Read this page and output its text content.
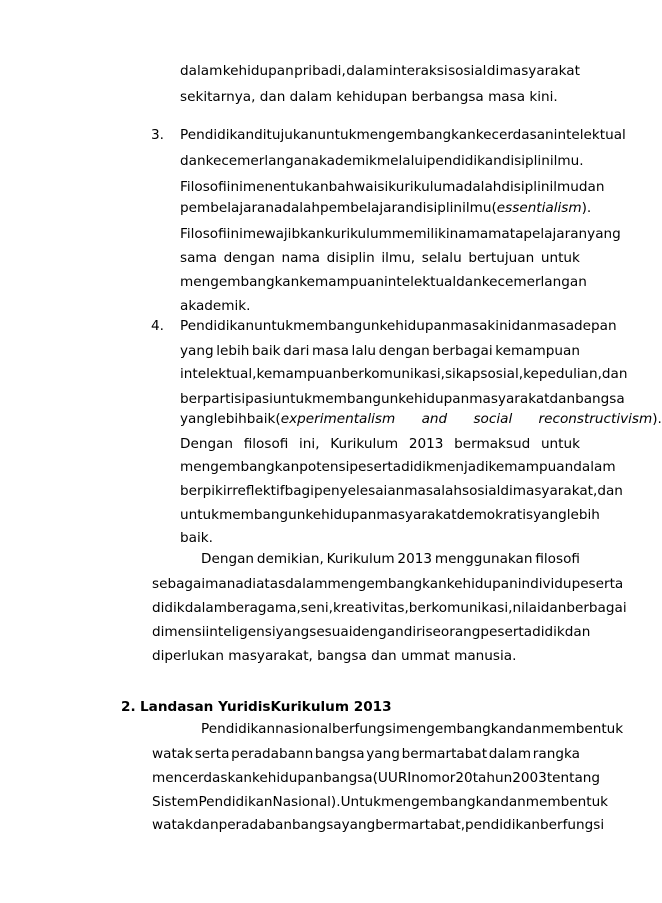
dalam kehidupan pribadi, dalam interaksi sosial di masyarakat
sekitarnya, dan dalam kehidupan berbangsa masa kini.
3. Pendidikan ditujukan untuk mengembangkan kecerdasan intelektual
dan kecemerlangan akademik melalui pendidikan disiplin ilmu.
Filosofi ini menentukan bahwa isi kurikulum adalah disiplin ilmu dan
pembelajaran adalah pembelajaran disiplin ilmu (essentialism).
Filosofi ini mewajibkan kurikulum memiliki nama matapelajaran yang
sama dengan nama disiplin ilmu, selalu bertujuan untuk
mengembangkan kemampuan intelektual dan kecemerlangan
akademik.
4. Pendidikan untuk membangun kehidupan masa kini dan masa depan
yang lebih baik dari masa lalu dengan berbagai kemampuan
intelektual, kemampuan berkomunikasi, sikap sosial, kepedulian, dan
berpartisipasi untuk membangun kehidupan masyarakat dan bangsa
yang lebih baik (experimentalism and social reconstructivism).
Dengan filosofi ini, Kurikulum 2013 bermaksud untuk
mengembangkan potensi peserta didik menjadi kemampuan dalam
berpikir reflektif bagi penyelesaian masalah sosial di masyarakat, dan
untuk membangun kehidupan masyarakat demokratis yang lebih
baik.
Dengan demikian, Kurikulum 2013 menggunakan filosofi
sebagaimana di atas dalam mengembangkan kehidupan individu peserta
didik dalam beragama, seni, kreativitas, berkomunikasi, nilai dan berbagai
dimensi inteligensi yang sesuai dengan diri seorang peserta didik dan
diperlukan masyarakat, bangsa dan ummat manusia.
2. Landasan YuridisKurikulum 2013
Pendidikan nasional berfungsi mengembangkan dan membentuk
watak serta peradabann bangsa yang bermartabat dalam rangka
mencerdaskan kehidupan bangsa (UU RI nomor 20 tahun 2003 tentang
Sistem Pendidikan Nasional). Untuk mengembangkan dan membentuk
watak dan peradaban bangsa yang bermartabat, pendidikan berfungsi
